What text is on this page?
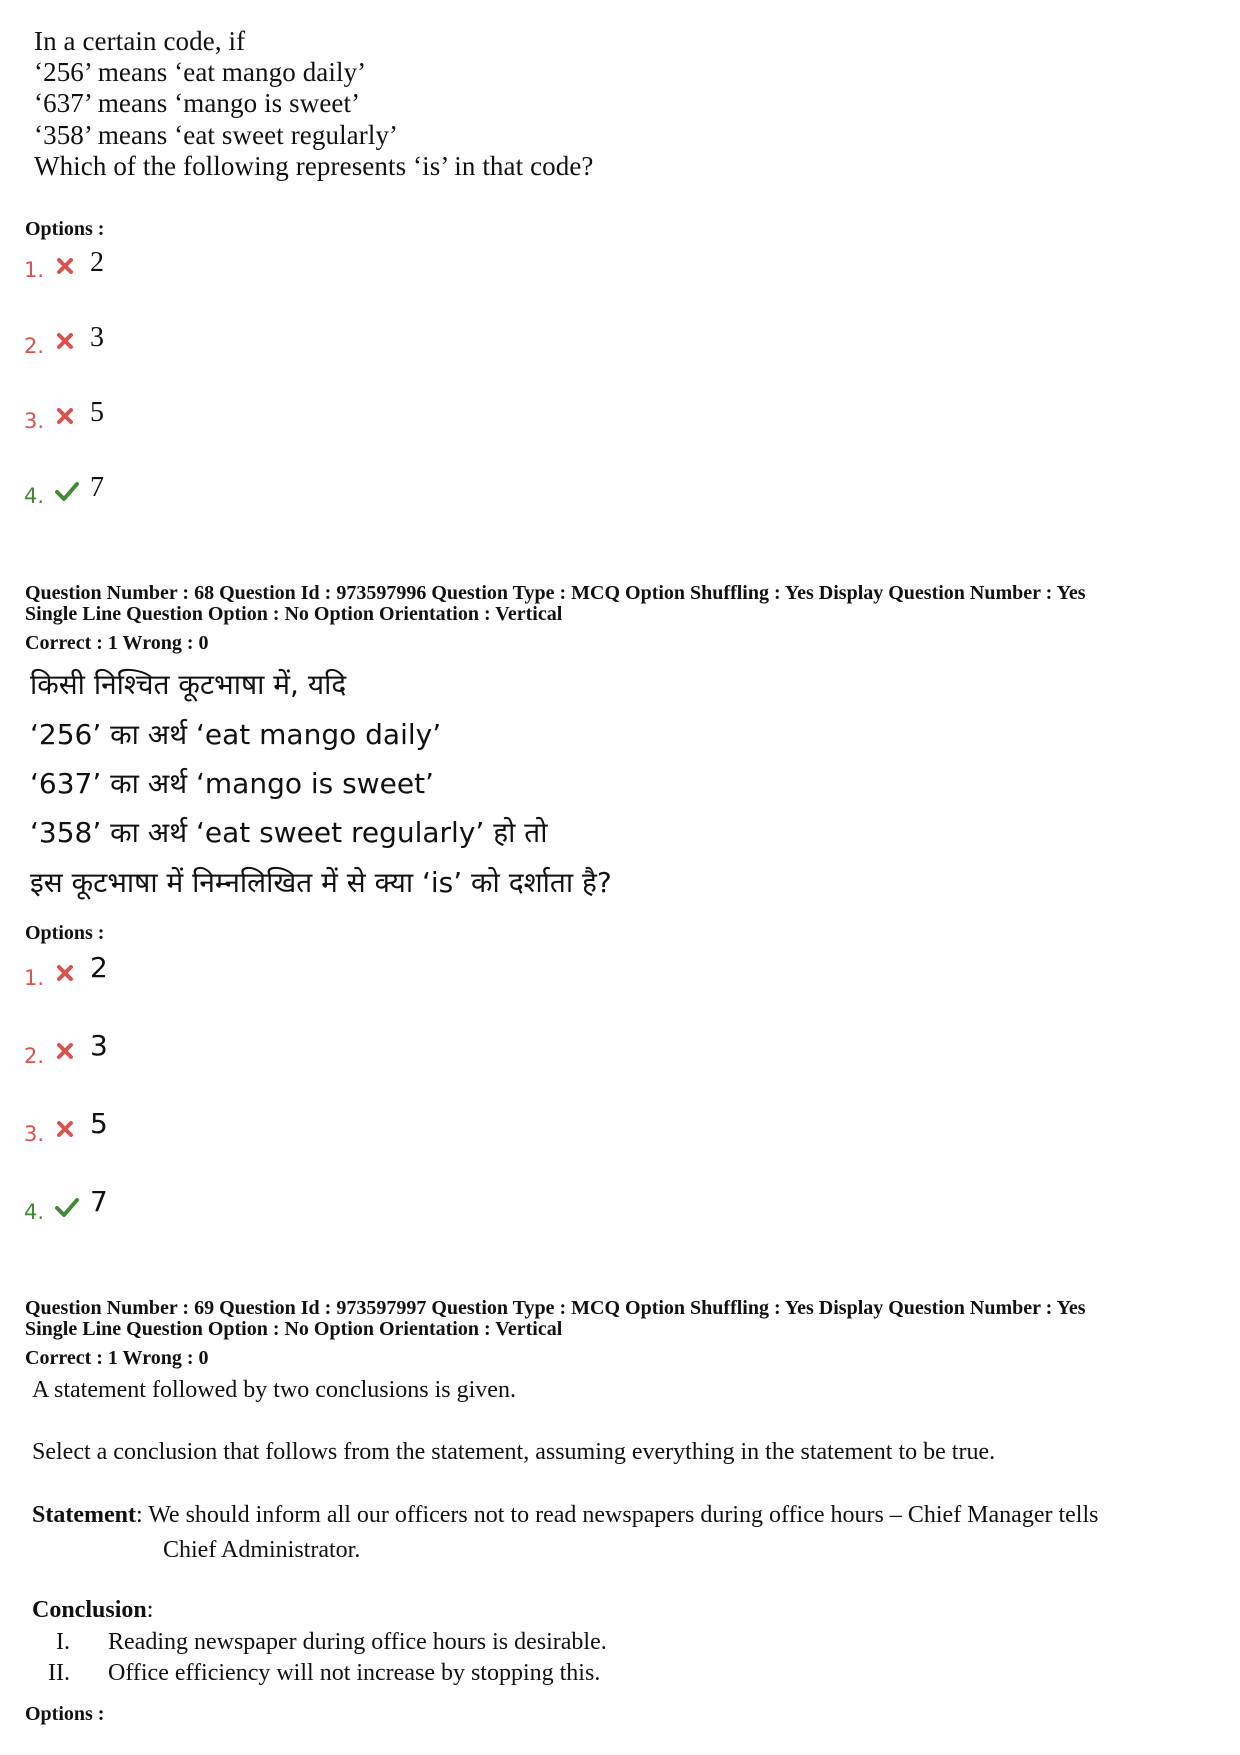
In a certain code, if
‘256’ means ‘eat mango daily’
‘637’ means ‘mango is sweet’
‘358’ means ‘eat sweet regularly’
Which of the following represents ‘is’ in that code?
Options :
1. 2
2. 3
3. 5
4. 7
Question Number : 68 Question Id : 973597996 Question Type : MCQ Option Shuffling : Yes Display Question Number : Yes
Single Line Question Option : No Option Orientation : Vertical
Correct : 1 Wrong : 0
किसी निश्चित कूटभाषा में, यदि
‘256’ का अर्थ ‘eat mango daily’
‘637’ का अर्थ ‘mango is sweet’
‘358’ का अर्थ ‘eat sweet regularly’ हो तो
इस कूटभाषा में निम्नलिखित में से क्या ‘is’ को दर्शाता है?
Options :
1. 2
2. 3
3. 5
4. 7
Question Number : 69 Question Id : 973597997 Question Type : MCQ Option Shuffling : Yes Display Question Number : Yes
Single Line Question Option : No Option Orientation : Vertical
Correct : 1 Wrong : 0
A statement followed by two conclusions is given.
Select a conclusion that follows from the statement, assuming everything in the statement to be true.
Statement: We should inform all our officers not to read newspapers during office hours – Chief Manager tells
Chief Administrator.
Conclusion:
I. Reading newspaper during office hours is desirable.
II. Office efficiency will not increase by stopping this.
Options :
